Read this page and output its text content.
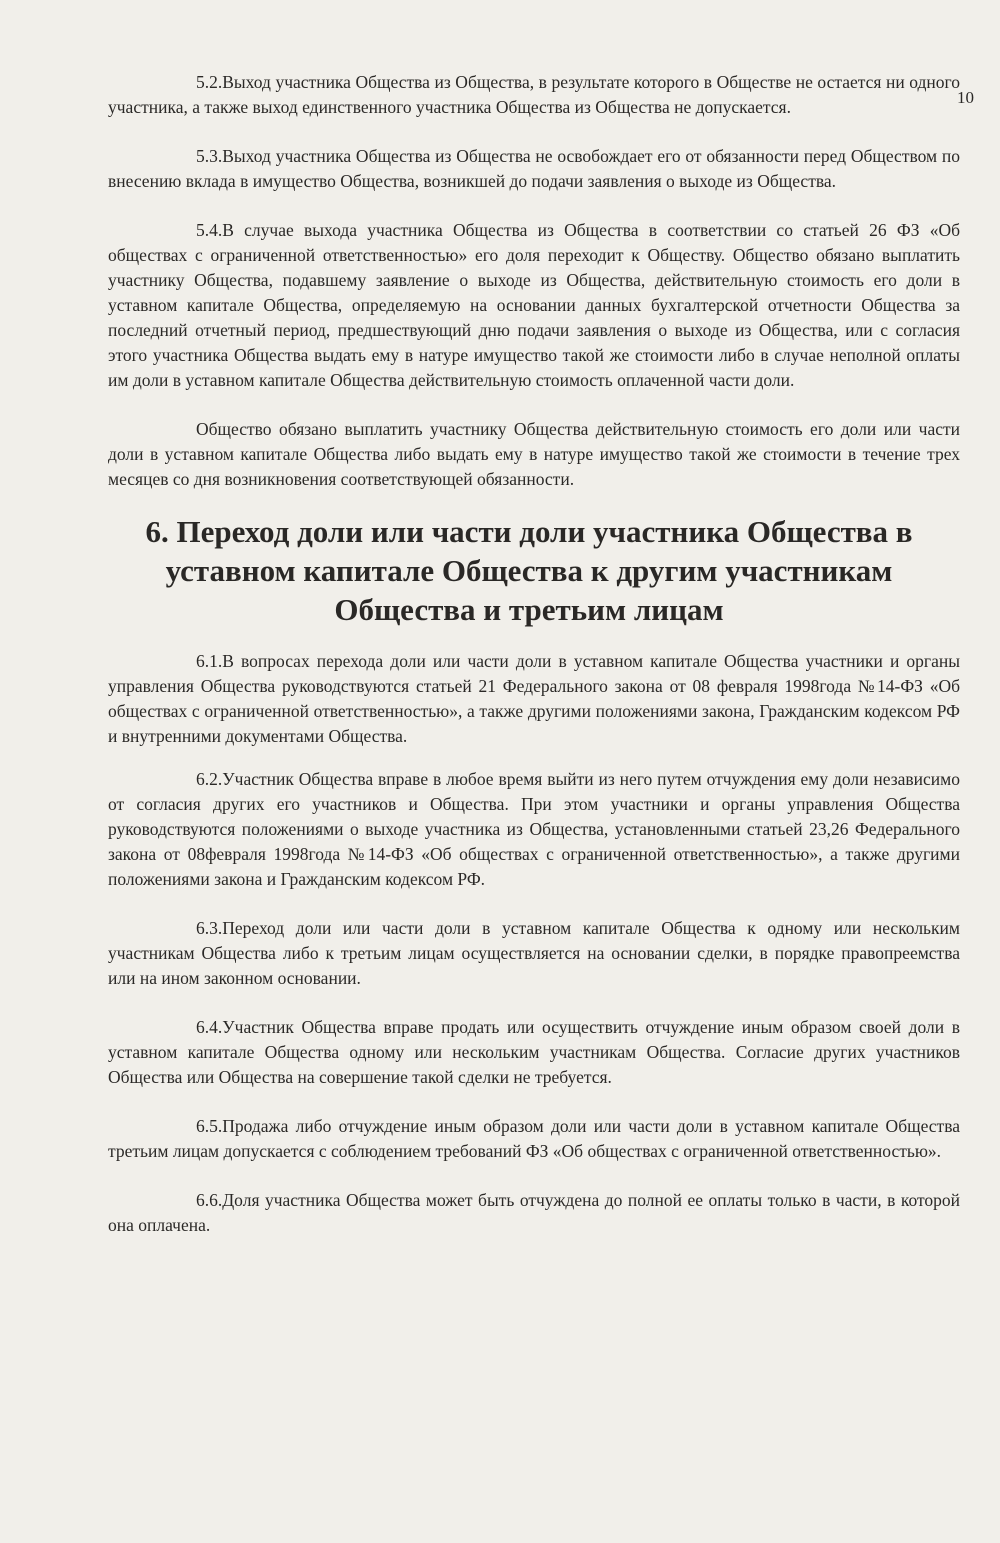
10

5.2.Выход участника Общества из Общества, в результате которого в Обществе не остается ни одного участника, а также выход единственного участника Общества из Общества не допускается.

5.3.Выход участника Общества из Общества не освобождает его от обязанности перед Обществом по внесению вклада в имущество Общества, возникшей до подачи заявления о выходе из Общества.

5.4.В случае выхода участника Общества из Общества в соответствии со статьей 26 ФЗ «Об обществах с ограниченной ответственностью» его доля переходит к Обществу. Общество обязано выплатить участнику Общества, подавшему заявление о выходе из Общества, действительную стоимость его доли в уставном капитале Общества, определяемую на основании данных бухгалтерской отчетности Общества за последний отчетный период, предшествующий дню подачи заявления о выходе из Общества, или с согласия этого участника Общества выдать ему в натуре имущество такой же стоимости либо в случае неполной оплаты им доли в уставном капитале Общества действительную стоимость оплаченной части доли.

Общество обязано выплатить участнику Общества действительную стоимость его доли или части доли в уставном капитале Общества либо выдать ему в натуре имущество такой же стоимости в течение трех месяцев со дня возникновения соответствующей обязанности.

6. Переход доли или части доли участника Общества в уставном капитале Общества к другим участникам Общества и третьим лицам

6.1.В вопросах перехода доли или части доли в уставном капитале Общества участники и органы управления Общества руководствуются статьей 21 Федерального закона от 08 февраля 1998года №14-ФЗ «Об обществах с ограниченной ответственностью», а также другими положениями закона, Гражданским кодексом РФ и внутренними документами Общества.

6.2.Участник Общества вправе в любое время выйти из него путем отчуждения ему доли независимо от согласия других его участников и Общества. При этом участники и органы управления Общества руководствуются положениями о выходе участника из Общества, установленными статьей 23,26 Федерального закона от 08февраля 1998года №14-ФЗ «Об обществах с ограниченной ответственностью», а также другими положениями закона и Гражданским кодексом РФ.

6.3.Переход доли или части доли в уставном капитале Общества к одному или нескольким участникам Общества либо к третьим лицам осуществляется на основании сделки, в порядке правопреемства или на ином законном основании.

6.4.Участник Общества вправе продать или осуществить отчуждение иным образом своей доли в уставном капитале Общества одному или нескольким участникам Общества. Согласие других участников Общества или Общества на совершение такой сделки не требуется.

6.5.Продажа либо отчуждение иным образом доли или части доли в уставном капитале Общества третьим лицам допускается с соблюдением требований ФЗ «Об обществах с ограниченной ответственностью».

6.6.Доля участника Общества может быть отчуждена до полной ее оплаты только в части, в которой она оплачена.
